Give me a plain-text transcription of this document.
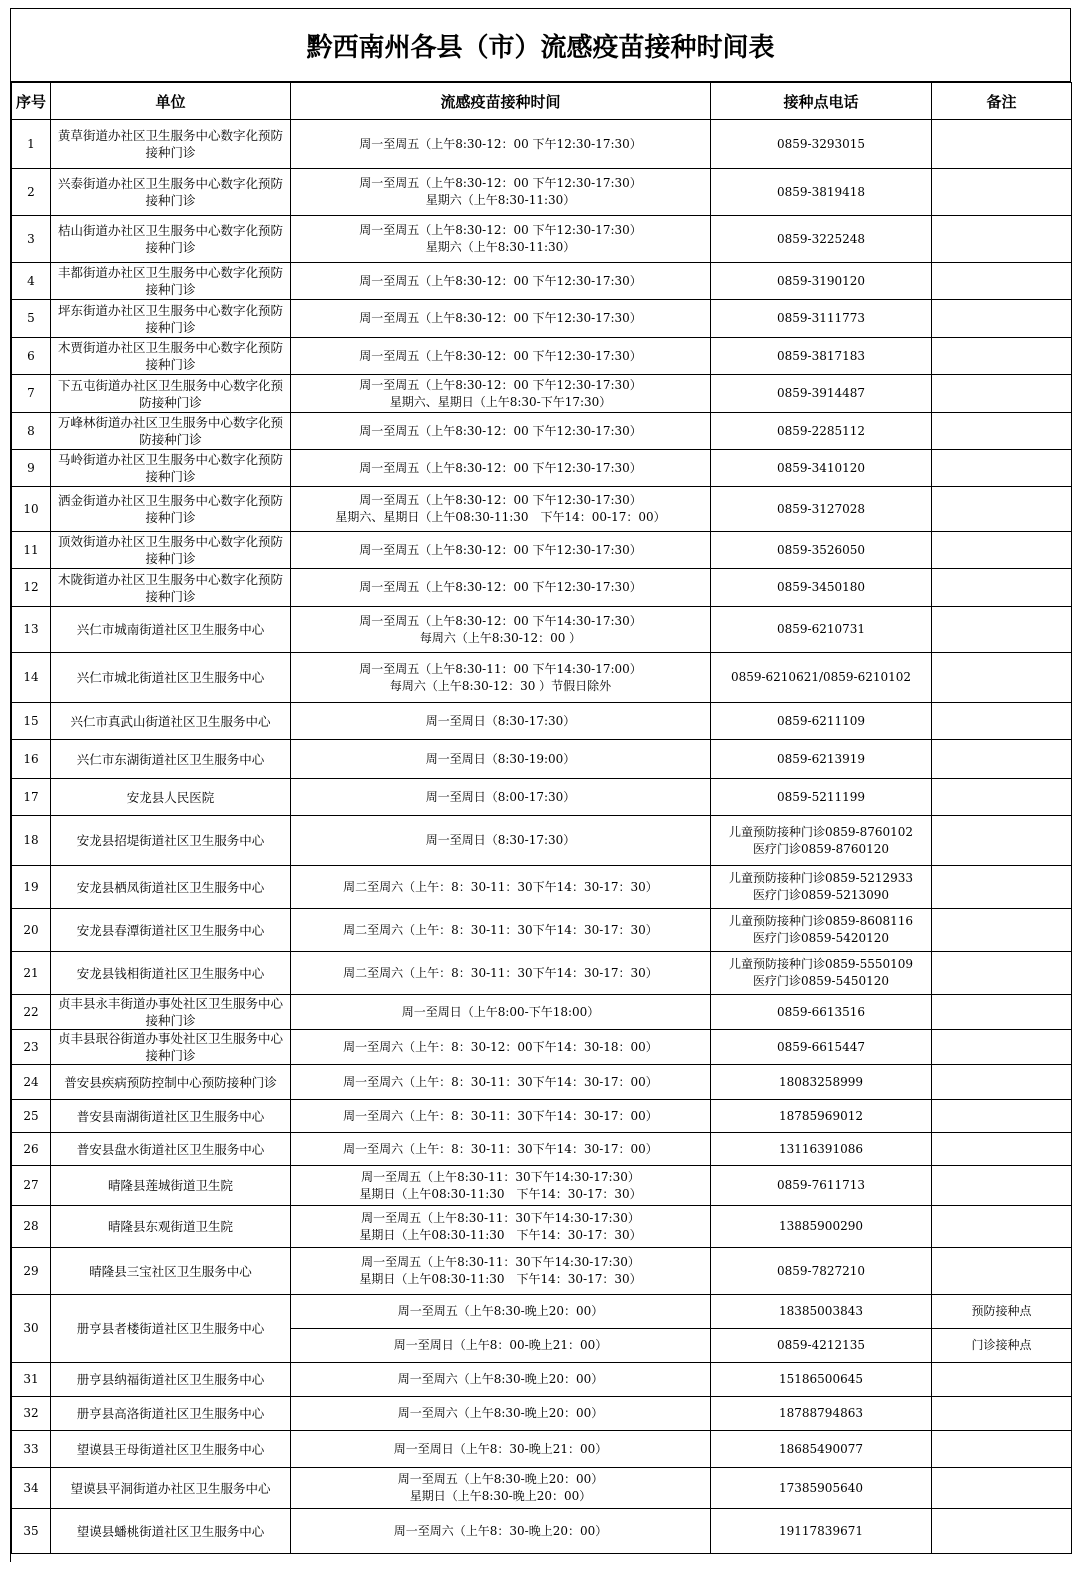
黔西南州各县（市）流感疫苗接种时间表
序号	单位	流感疫苗接种时间	接种点电话	备注
1	黄草街道办社区卫生服务中心数字化预防接种门诊	周一至周五（上午8:30-12：00 下午12:30-17:30）	0859-3293015	

2	兴泰街道办社区卫生服务中心数字化预防接种门诊	周一至周五（上午8:30-12：00 下午12:30-17:30）
星期六（上午8:30-11:30）	0859-3819418	

3	桔山街道办社区卫生服务中心数字化预防接种门诊	周一至周五（上午8:30-12：00 下午12:30-17:30）
星期六（上午8:30-11:30）	0859-3225248	

4	丰都街道办社区卫生服务中心数字化预防接种门诊	周一至周五（上午8:30-12：00 下午12:30-17:30）	0859-3190120	

5	坪东街道办社区卫生服务中心数字化预防接种门诊	周一至周五（上午8:30-12：00 下午12:30-17:30）	0859-3111773	

6	木贾街道办社区卫生服务中心数字化预防接种门诊	周一至周五（上午8:30-12：00 下午12:30-17:30）	0859-3817183	

7	下五屯街道办社区卫生服务中心数字化预防接种门诊	周一至周五（上午8:30-12：00 下午12:30-17:30）
星期六、星期日（上午8:30-下午17:30）	0859-3914487	

8	万峰林街道办社区卫生服务中心数字化预防接种门诊	周一至周五（上午8:30-12：00 下午12:30-17:30）	0859-2285112	

9	马岭街道办社区卫生服务中心数字化预防接种门诊	周一至周五（上午8:30-12：00 下午12:30-17:30）	0859-3410120	

10	洒金街道办社区卫生服务中心数字化预防接种门诊	周一至周五（上午8:30-12：00 下午12:30-17:30）
星期六、星期日（上午08:30-11:30　下午14：00-17：00）	0859-3127028	

11	顶效街道办社区卫生服务中心数字化预防接种门诊	周一至周五（上午8:30-12：00 下午12:30-17:30）	0859-3526050	

12	木陇街道办社区卫生服务中心数字化预防接种门诊	周一至周五（上午8:30-12：00 下午12:30-17:30）	0859-3450180	

13	兴仁市城南街道社区卫生服务中心	周一至周五（上午8:30-12：00 下午14:30-17:30）
每周六（上午8:30-12：00 ）	0859-6210731	

14	兴仁市城北街道社区卫生服务中心	周一至周五（上午8:30-11：00 下午14:30-17:00）
每周六（上午8:30-12：30 ）节假日除外	0859-6210621/0859-6210102	

15	兴仁市真武山街道社区卫生服务中心	周一至周日（8:30-17:30）	0859-6211109	

16	兴仁市东湖街道社区卫生服务中心	周一至周日（8:30-19:00）	0859-6213919	

17	安龙县人民医院	周一至周日（8:00-17:30）	0859-5211199	

18	安龙县招堤街道社区卫生服务中心	周一至周日（8:30-17:30）	儿童预防接种门诊0859-8760102
医疗门诊0859-8760120	

19	安龙县栖凤街道社区卫生服务中心	周二至周六（上午：8：30-11：30下午14：30-17：30）	儿童预防接种门诊0859-5212933
医疗门诊0859-5213090	

20	安龙县春潭街道社区卫生服务中心	周二至周六（上午：8：30-11：30下午14：30-17：30）	儿童预防接种门诊0859-8608116
医疗门诊0859-5420120	

21	安龙县钱相街道社区卫生服务中心	周二至周六（上午：8：30-11：30下午14：30-17：30）	儿童预防接种门诊0859-5550109
医疗门诊0859-5450120	

22	贞丰县永丰街道办事处社区卫生服务中心接种门诊	周一至周日（上午8:00-下午18:00）	0859-6613516	

23	贞丰县珉谷街道办事处社区卫生服务中心接种门诊	周一至周六（上午：8：30-12：00下午14：30-18：00）	0859-6615447	

24	普安县疾病预防控制中心预防接种门诊	周一至周六（上午：8：30-11：30下午14：30-17：00）	18083258999	

25	普安县南湖街道社区卫生服务中心	周一至周六（上午：8：30-11：30下午14：30-17：00）	18785969012	

26	普安县盘水街道社区卫生服务中心	周一至周六（上午：8：30-11：30下午14：30-17：00）	13116391086	

27	晴隆县莲城街道卫生院	周一至周五（上午8:30-11：30下午14:30-17:30）
星期日（上午08:30-11:30　下午14：30-17：30）	0859-7611713	

28	晴隆县东观街道卫生院	周一至周五（上午8:30-11：30下午14:30-17:30）
星期日（上午08:30-11:30　下午14：30-17：30）	13885900290	

29	晴隆县三宝社区卫生服务中心	周一至周五（上午8:30-11：30下午14:30-17:30）
星期日（上午08:30-11:30　下午14：30-17：30）	0859-7827210	

30	册亨县者楼街道社区卫生服务中心	周一至周五（上午8:30-晚上20：00）	18385003843	预防接种点

		周一至周日（上午8：00-晚上21：00）	0859-4212135	门诊接种点
31	册亨县纳福街道社区卫生服务中心	周一至周六（上午8:30-晚上20：00）	15186500645	

32	册亨县高洛街道社区卫生服务中心	周一至周六（上午8:30-晚上20：00）	18788794863	

33	望谟县王母街道社区卫生服务中心	周一至周日（上午8：30-晚上21：00）	18685490077	

34	望谟县平洞街道办社区卫生服务中心	周一至周五（上午8:30-晚上20：00）
星期日（上午8:30-晚上20：00）	17385905640	

35	望谟县蟠桃街道社区卫生服务中心	周一至周六（上午8：30-晚上20：00）	19117839671	
